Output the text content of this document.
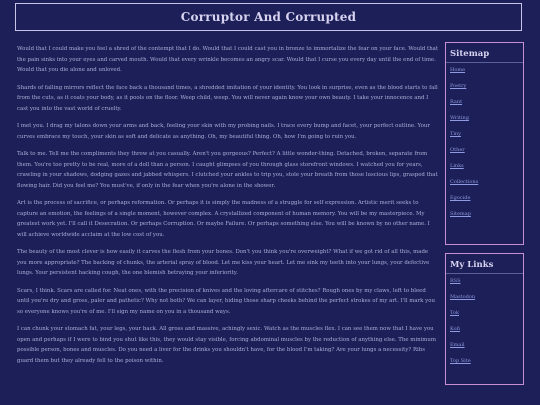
Corruptor And Corrupted

Would that I could make you feel a shred of the contempt that I do. Would that I could cast you in bronze to immortalize the fear on your face. Would that the pain sinks into your eyes and carved mouth. Would that every wrinkle becomes an angry scar. Would that I curse you every day until the end of time. Would that you die alone and unloved.

Shards of falling mirrors reflect the face back a thousand times, a shredded imitation of your identity. You look in surprise, even as the blood starts to fall from the cuts, as it coats your body, as it pools on the floor. Weep child, weep. You will never again know your own beauty. I take your innocence and I cast you into the vast world of cruelty.

I met you. I drag my talons down your arms and back, feeling your skin with my probing nails. I trace every bump and facet, your perfect outline. Your curves embrace my touch, your skin as soft and delicate as anything. Oh, my beautiful thing. Oh, how I'm going to ruin you.

Talk to me. Tell me the compliments they throw at you casually. Aren't you gorgeous? Perfect? A little wonder-thing. Detached, broken, separate from them. You're too pretty to be real, more of a doll than a person. I caught glimpses of you through glass storefront windows. I watched you for years, crawling in your shadows, dodging gazes and jabbed whispers. I clutched your ankles to trip you, stole your breath from those luscious lips, grasped that flowing hair. Did you feel me? You must've, if only in the fear when you're alone in the shower.

Art is the process of sacrifice, or perhaps reformation. Or perhaps it is simply the madness of a struggle for self expression. Artistic merit seeks to capture an emotion, the feelings of a single moment, however complex. A crystallized component of human memory. You will be my masterpiece. My greatest work yet. I'll call it Desecration. Or perhaps Corruption. Or maybe Failure. Or perhaps something else. You will be known by no other name. I will achieve worldwide acclaim at the low cost of you.

The beauty of the most clever is how easily it carves the flesh from your bones. Don't you think you're overweight? What if we got rid of all this, made you more appropriate? The backing of chunks, the arterial spray of blood. Let me kiss your heart. Let me sink my teeth into your lungs, your defective lungs. Your persistent hacking cough, the one blemish betraying your inferiority.

Scars, I think. Scars are called for. Neat ones, with the precision of knives and the loving aftercare of stitches? Rough ones by my claws, left to bleed until you're dry and gross, paler and pathetic? Why not both? We can layer, hiding those sharp cheeks behind the perfect strokes of my art. I'll mark you so everyone knows you're of me. I'll sign my name on you in a thousand ways.

I can chunk your stomach fat, your legs, your back. All gross and massive, achingly sexic. Watch as the muscles flex. I can see them now that I have you open and perhaps if I were to bind you shut like this, they would stay visible, forcing abdominal muscles by the reduction of anything else. The minimum possible person, bones and muscles. Do you need a liver for the drinks you shouldn't have, for the blood I'm taking? Are your lungs a necessity? Ribs guard them but they already fell to the poison within.

Sitemap
Home
Poetry
Rant
Writing
Tiny
Other
Links
Collections
Egocide
Sitemap
My Links
RSS
Mastodon
Tok
Kofi
Email
Top Site
